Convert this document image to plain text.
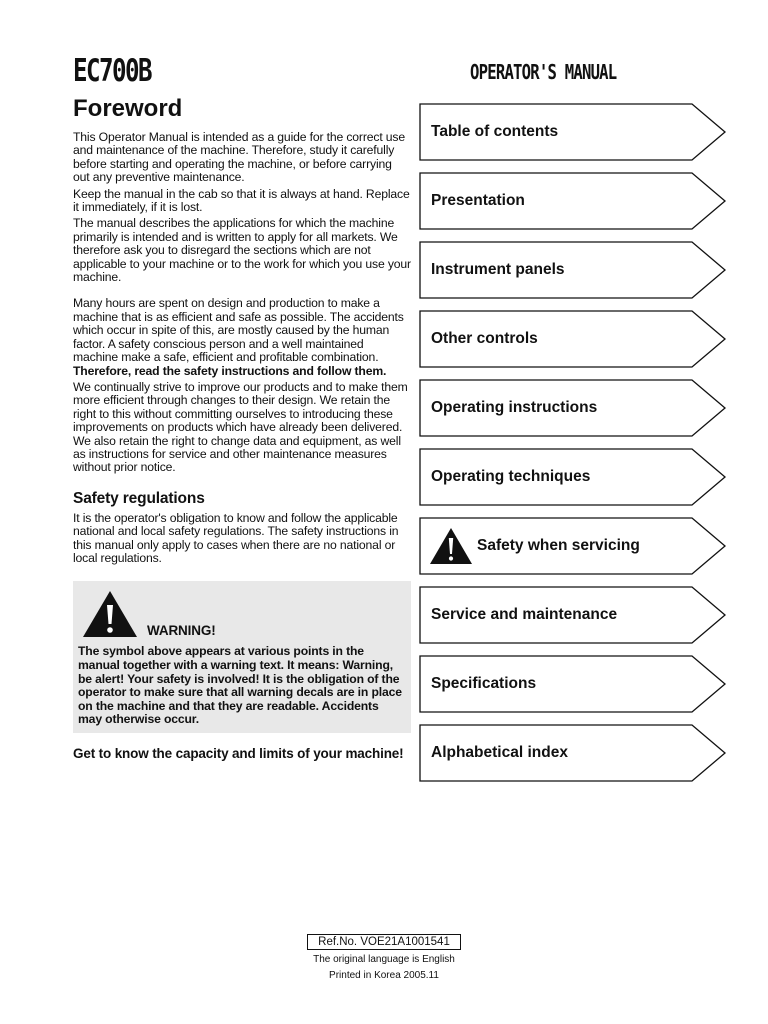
EC700B	OPERATOR'S MANUAL
Foreword

This Operator Manual is intended as a guide for the correct use and maintenance of the machine. Therefore, study it carefully before starting and operating the machine, or before carrying out any preventive maintenance.

Keep the manual in the cab so that it is always at hand. Replace it immediately, if it is lost.

The manual describes the applications for which the machine primarily is intended and is written to apply for all markets. We therefore ask you to disregard the sections which are not applicable to your machine or to the work for which you use your machine.

Many hours are spent on design and production to make a machine that is as efficient and safe as possible. The accidents which occur in spite of this, are mostly caused by the human factor. A safety conscious person and a well maintained machine make a safe, efficient and profitable combination. Therefore, read the safety instructions and follow them.

We continually strive to improve our products and to make them more efficient through changes to their design. We retain the right to this without committing ourselves to introducing these improvements on products which have already been delivered. We also retain the right to change data and equipment, as well as instructions for service and other maintenance measures without prior notice.

Safety regulations

It is the operator's obligation to know and follow the applicable national and local safety regulations. The safety instructions in this manual only apply to cases when there are no national or local regulations.

WARNING!
The symbol above appears at various points in the manual together with a warning text. It means: Warning, be alert! Your safety is involved! It is the obligation of the operator to make sure that all warning decals are in place on the machine and that they are readable. Accidents may otherwise occur.
Get to know the capacity and limits of your machine!
Table of contents
Presentation
Instrument panels
Other controls
Operating instructions
Operating techniques
Safety when servicing
Service and maintenance
Specifications
Alphabetical index
Ref.No. VOE21A1001541
The original language is English
Printed in Korea 2005.11
